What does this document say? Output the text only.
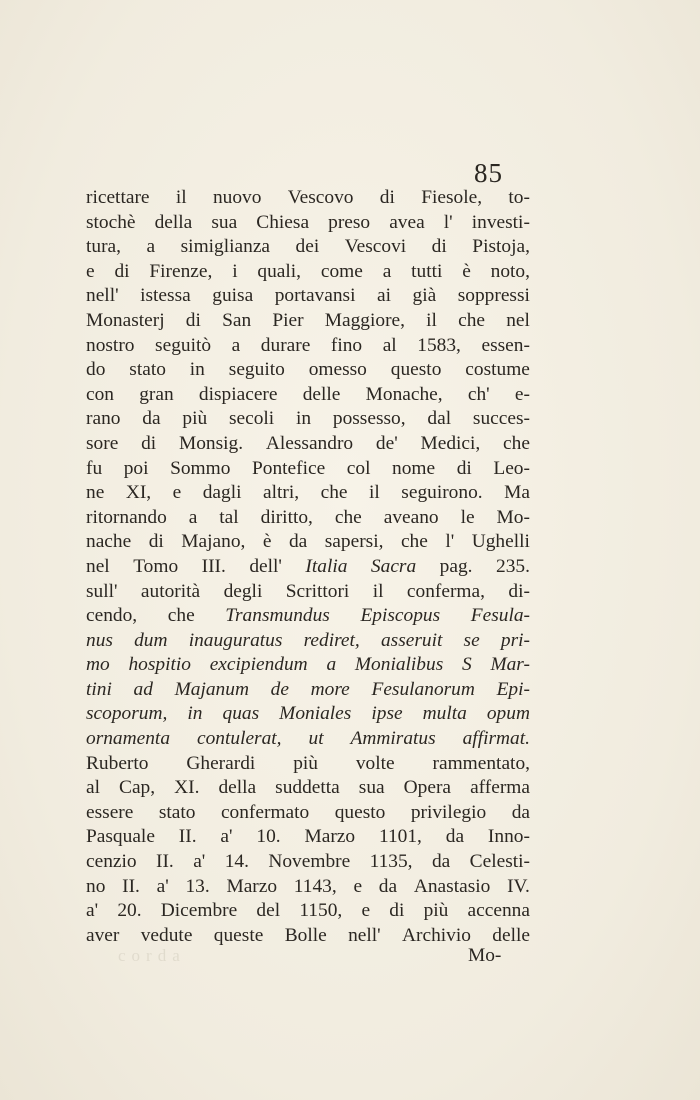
85
ricettare il nuovo Vescovo di Fiesole, to-
stochè della sua Chiesa preso avea l' investi-
tura, a simiglianza dei Vescovi di Pistoja,
e di Firenze, i quali, come a tutti è noto,
nell' istessa guisa portavansi ai già soppressi
Monasterj di San Pier Maggiore, il che nel
nostro seguitò a durare fino al 1583, essen-
do stato in seguito omesso questo costume
con gran dispiacere delle Monache, ch' e-
rano da più secoli in possesso, dal succes-
sore di Monsig. Alessandro de' Medici, che
fu poi Sommo Pontefice col nome di Leo-
ne XI, e dagli altri, che il seguirono. Ma
ritornando a tal diritto, che aveano le Mo-
nache di Majano, è da sapersi, che l' Ughelli
nel Tomo III. dell' Italia Sacra pag. 235.
sull' autorità degli Scrittori il conferma, di-
cendo, che Transmundus Episcopus Fesula-
nus dum inauguratus rediret, asseruit se pri-
mo hospitio excipiendum a Monialibus S Mar-
tini ad Majanum de more Fesulanorum Epi-
scoporum, in quas Moniales ipse multa opum
ornamenta contulerat, ut Ammiratus affirmat.
Ruberto Gherardi più volte rammentato,
al Cap, XI. della suddetta sua Opera afferma
essere stato confermato questo privilegio da
Pasquale II. a' 10. Marzo 1101, da Inno-
cenzio II. a' 14. Novembre 1135, da Celesti-
no II. a' 13. Marzo 1143, e da Anastasio IV.
a' 20. Dicembre del 1150, e di più accenna
aver vedute queste Bolle nell' Archivio delle
corda	Mo-
